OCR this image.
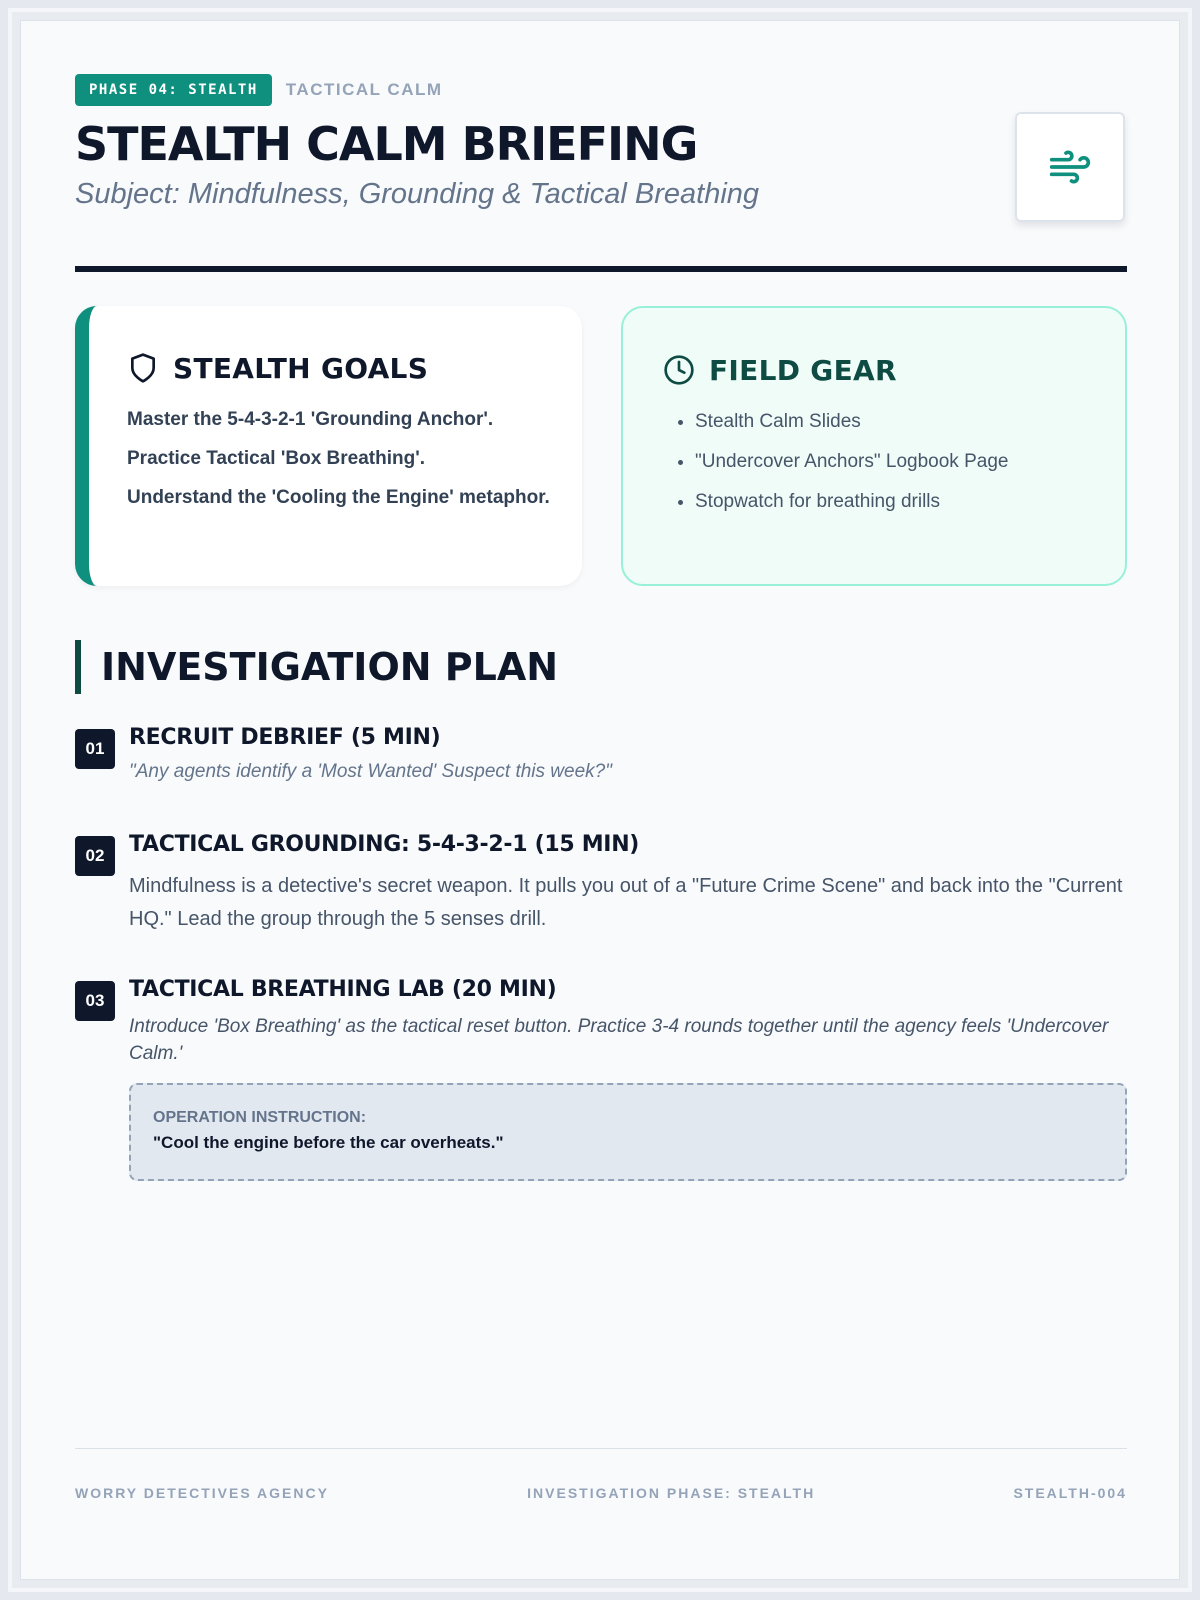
PHASE 04: STEALTH	TACTICAL CALM
STEALTH CALM BRIEFING
Subject: Mindfulness, Grounding & Tactical Breathing
STEALTH GOALS
Master the 5-4-3-2-1 'Grounding Anchor'.
Practice Tactical 'Box Breathing'.
Understand the 'Cooling the Engine' metaphor.
FIELD GEAR
• Stealth Calm Slides
• "Undercover Anchors" Logbook Page
• Stopwatch for breathing drills
INVESTIGATION PLAN
01	RECRUIT DEBRIEF (5 MIN)
"Any agents identify a 'Most Wanted' Suspect this week?"
02	TACTICAL GROUNDING: 5-4-3-2-1 (15 MIN)
Mindfulness is a detective's secret weapon. It pulls you out of a "Future Crime Scene" and back into the "Current HQ." Lead the group through the 5 senses drill.
03	TACTICAL BREATHING LAB (20 MIN)
Introduce 'Box Breathing' as the tactical reset button. Practice 3-4 rounds together until the agency feels 'Undercover Calm.'
OPERATION INSTRUCTION:
"Cool the engine before the car overheats."
WORRY DETECTIVES AGENCY	INVESTIGATION PHASE: STEALTH	STEALTH-004
